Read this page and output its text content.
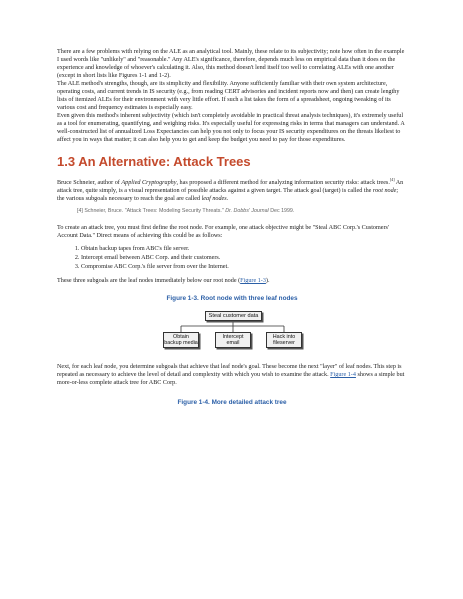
There are a few problems with relying on the ALE as an analytical tool. Mainly, these relate to its subjectivity; note how often in the example I used words like "unlikely" and "reasonable." Any ALE's significance, therefore, depends much less on empirical data than it does on the experience and knowledge of whoever's calculating it. Also, this method doesn't lend itself too well to correlating ALEs with one another (except in short lists like Figures 1-1 and 1-2).

The ALE method's strengths, though, are its simplicity and flexibility. Anyone sufficiently familiar with their own system architecture, operating costs, and current trends in IS security (e.g., from reading CERT advisories and incident reports now and then) can create lengthy lists of itemized ALEs for their environment with very little effort. If such a list takes the form of a spreadsheet, ongoing tweaking of its various cost and frequency estimates is especially easy.

Even given this method's inherent subjectivity (which isn't completely avoidable in practical threat analysis techniques), it's extremely useful as a tool for enumerating, quantifying, and weighing risks. It's especially useful for expressing risks in terms that managers can understand. A well-constructed list of annualized Loss Expectancies can help you not only to focus your IS security expenditures on the threats likeliest to affect you in ways that matter; it can also help you to get and keep the budget you need to pay for those expenditures.

1.3 An Alternative: Attack Trees

Bruce Schneier, author of Applied Cryptography, has proposed a different method for analyzing information security risks: attack trees.[4] An attack tree, quite simply, is a visual representation of possible attacks against a given target. The attack goal (target) is called the root node; the various subgoals necessary to reach the goal are called leaf nodes.

[4] Schneier, Bruce. "Attack Trees: Modeling Security Threats." Dr. Dobbs' Journal Dec 1999.

To create an attack tree, you must first define the root node. For example, one attack objective might be "Steal ABC Corp.'s Customers' Account Data." Direct means of achieving this could be as follows:

1. Obtain backup tapes from ABC's file server.
2. Intercept email between ABC Corp. and their customers.
3. Compromise ABC Corp.'s file server from over the Internet.

These three subgoals are the leaf nodes immediately below our root node (Figure 1-3).

Figure 1-3. Root node with three leaf nodes
Steal customer data
Obtain backup media
Intercept email
Hack into fileserver

Next, for each leaf node, you determine subgoals that achieve that leaf node's goal. These become the next "layer" of leaf nodes. This step is repeated as necessary to achieve the level of detail and complexity with which you wish to examine the attack. Figure 1-4 shows a simple but more-or-less complete attack tree for ABC Corp.

Figure 1-4. More detailed attack tree
